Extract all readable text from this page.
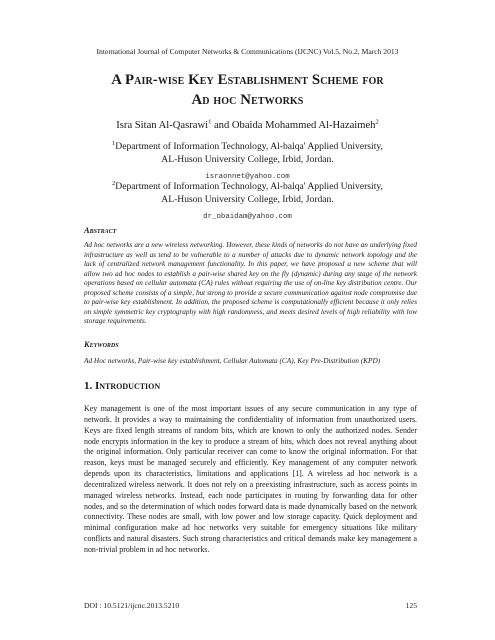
International Journal of Computer Networks & Communications (IJCNC) Vol.5, No.2, March 2013
A Pair-wise Key Establishment Scheme for
Ad hoc Networks
Isra Sitan Al-Qasrawi$^1$ and Obaida Mohammed Al-Hazaimeh$^2$
$^1$Department of Information Technology, Al-balqa' Applied University,
AL-Huson University College, Irbid, Jordan.
israonnet@yahoo.com
$^2$Department of Information Technology, Al-balqa' Applied University,
AL-Huson University College, Irbid, Jordan.
dr_obaidam@yahoo.com
Abstract
Ad hoc networks are a new wireless networking. However, these kinds of networks do not have an underlying fixed infrastructure as well as tend to be vulnerable to a number of attacks due to dynamic network topology and the lack of centralized network management functionality. In this paper, we have proposed a new scheme that will allow two ad hoc nodes to establish a pair-wise shared key on the fly (dynamic) during any stage of the network operations based on cellular automata (CA) rules without requiring the use of on-line key distribution centre. Our proposed scheme consists of a simple, but strong to provide a secure communication against node compromise due to pair-wise key establishment. In addition, the proposed scheme is computationally efficient because it only relies on simple symmetric key cryptography with high randomness, and meets desired levels of high reliability with low storage requirements.
Keywords
Ad Hoc networks, Pair-wise key establishment, Cellular Automata (CA), Key Pre-Distribution (KPD)
1. Introduction
Key management is one of the most important issues of any secure communication in any type of network. It provides a way to maintaining the confidentiality of information from unauthorized users. Keys are fixed length streams of random bits, which are known to only the authorized nodes. Sender node encrypts information in the key to produce a stream of bits, which does not reveal anything about the original information. Only particular receiver can come to know the original information. For that reason, keys must be managed securely and efficiently. Key management of any computer network depends upon its characteristics, limitations and applications [1]. A wireless ad hoc network is a decentralized wireless network. It does not rely on a preexisting infrastructure, such as access points in managed wireless networks. Instead, each node participates in routing by forwarding data for other nodes, and so the determination of which nodes forward data is made dynamically based on the network connectivity. These nodes are small, with low power and low storage capacity. Quick deployment and minimal configuration make ad hoc networks very suitable for emergency situations like military conflicts and natural disasters. Such strong characteristics and critical demands make key management a non-trivial problem in ad hoc networks.
DOI : 10.5121/ijcnc.2013.5210	125
